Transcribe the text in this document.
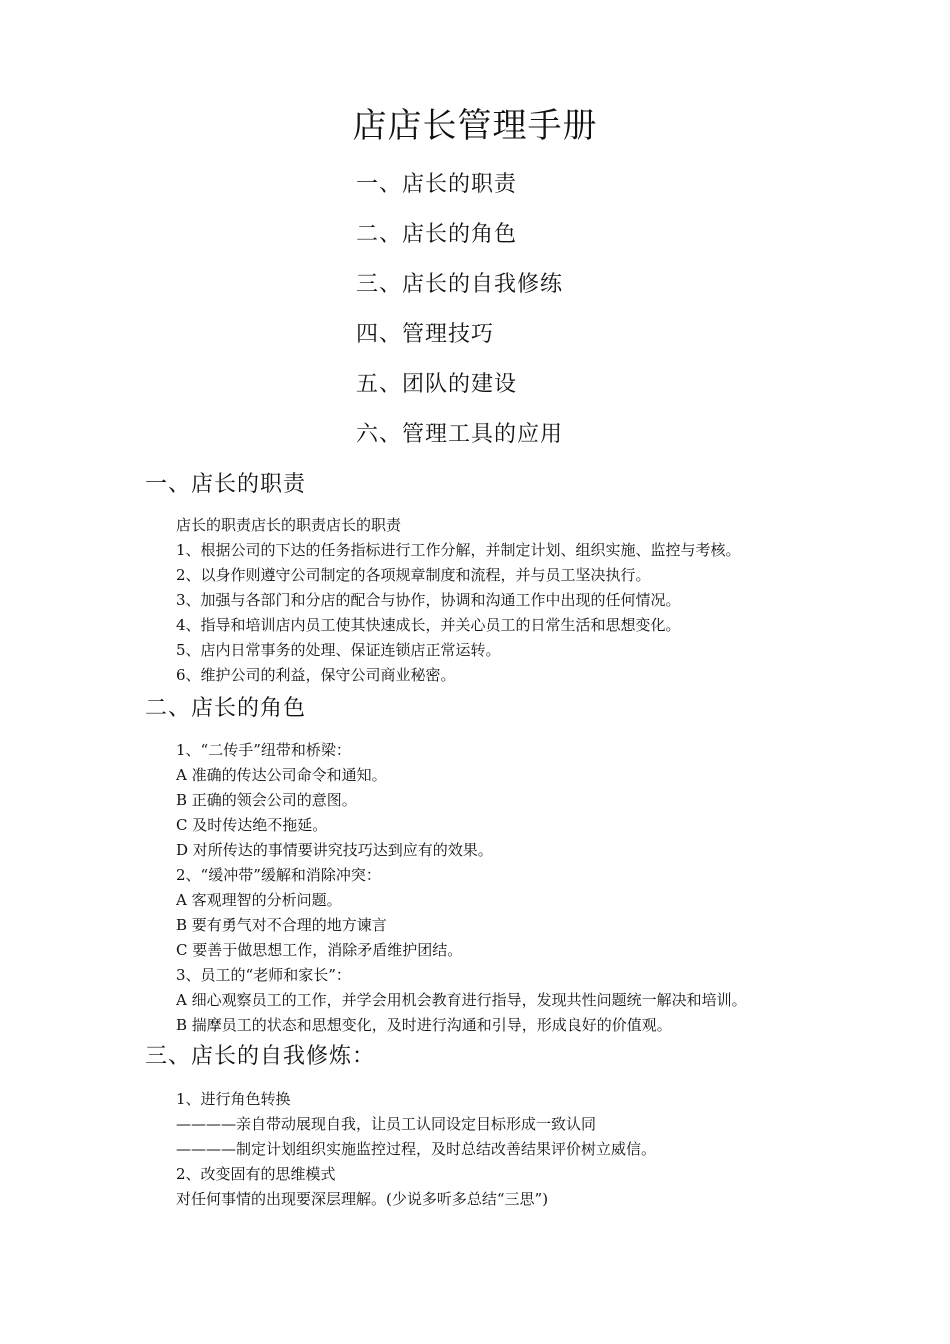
店店长管理手册
一、店长的职责
二、店长的角色
三、店长的自我修练
四、管理技巧
五、团队的建设
六、管理工具的应用
一、店长的职责
店长的职责店长的职责店长的职责
1、根据公司的下达的任务指标进行工作分解，并制定计划、组织实施、监控与考核。
2、以身作则遵守公司制定的各项规章制度和流程，并与员工坚决执行。
3、加强与各部门和分店的配合与协作，协调和沟通工作中出现的任何情况。
4、指导和培训店内员工使其快速成长，并关心员工的日常生活和思想变化。
5、店内日常事务的处理、保证连锁店正常运转。
6、维护公司的利益，保守公司商业秘密。
二、店长的角色
1、“二传手”纽带和桥梁：
A 准确的传达公司命令和通知。
B 正确的领会公司的意图。
C 及时传达绝不拖延。
D 对所传达的事情要讲究技巧达到应有的效果。
2、“缓冲带”缓解和消除冲突：
A 客观理智的分析问题。
B 要有勇气对不合理的地方谏言
C 要善于做思想工作，消除矛盾维护团结。
3、员工的“老师和家长”：
A 细心观察员工的工作，并学会用机会教育进行指导，发现共性问题统一解决和培训。
B 揣摩员工的状态和思想变化，及时进行沟通和引导，形成良好的价值观。
三、店长的自我修炼：
1、进行角色转换
————亲自带动展现自我，让员工认同设定目标形成一致认同
————制定计划组织实施监控过程，及时总结改善结果评价树立威信。
2、改变固有的思维模式
对任何事情的出现要深层理解。(少说多听多总结“三思”)
